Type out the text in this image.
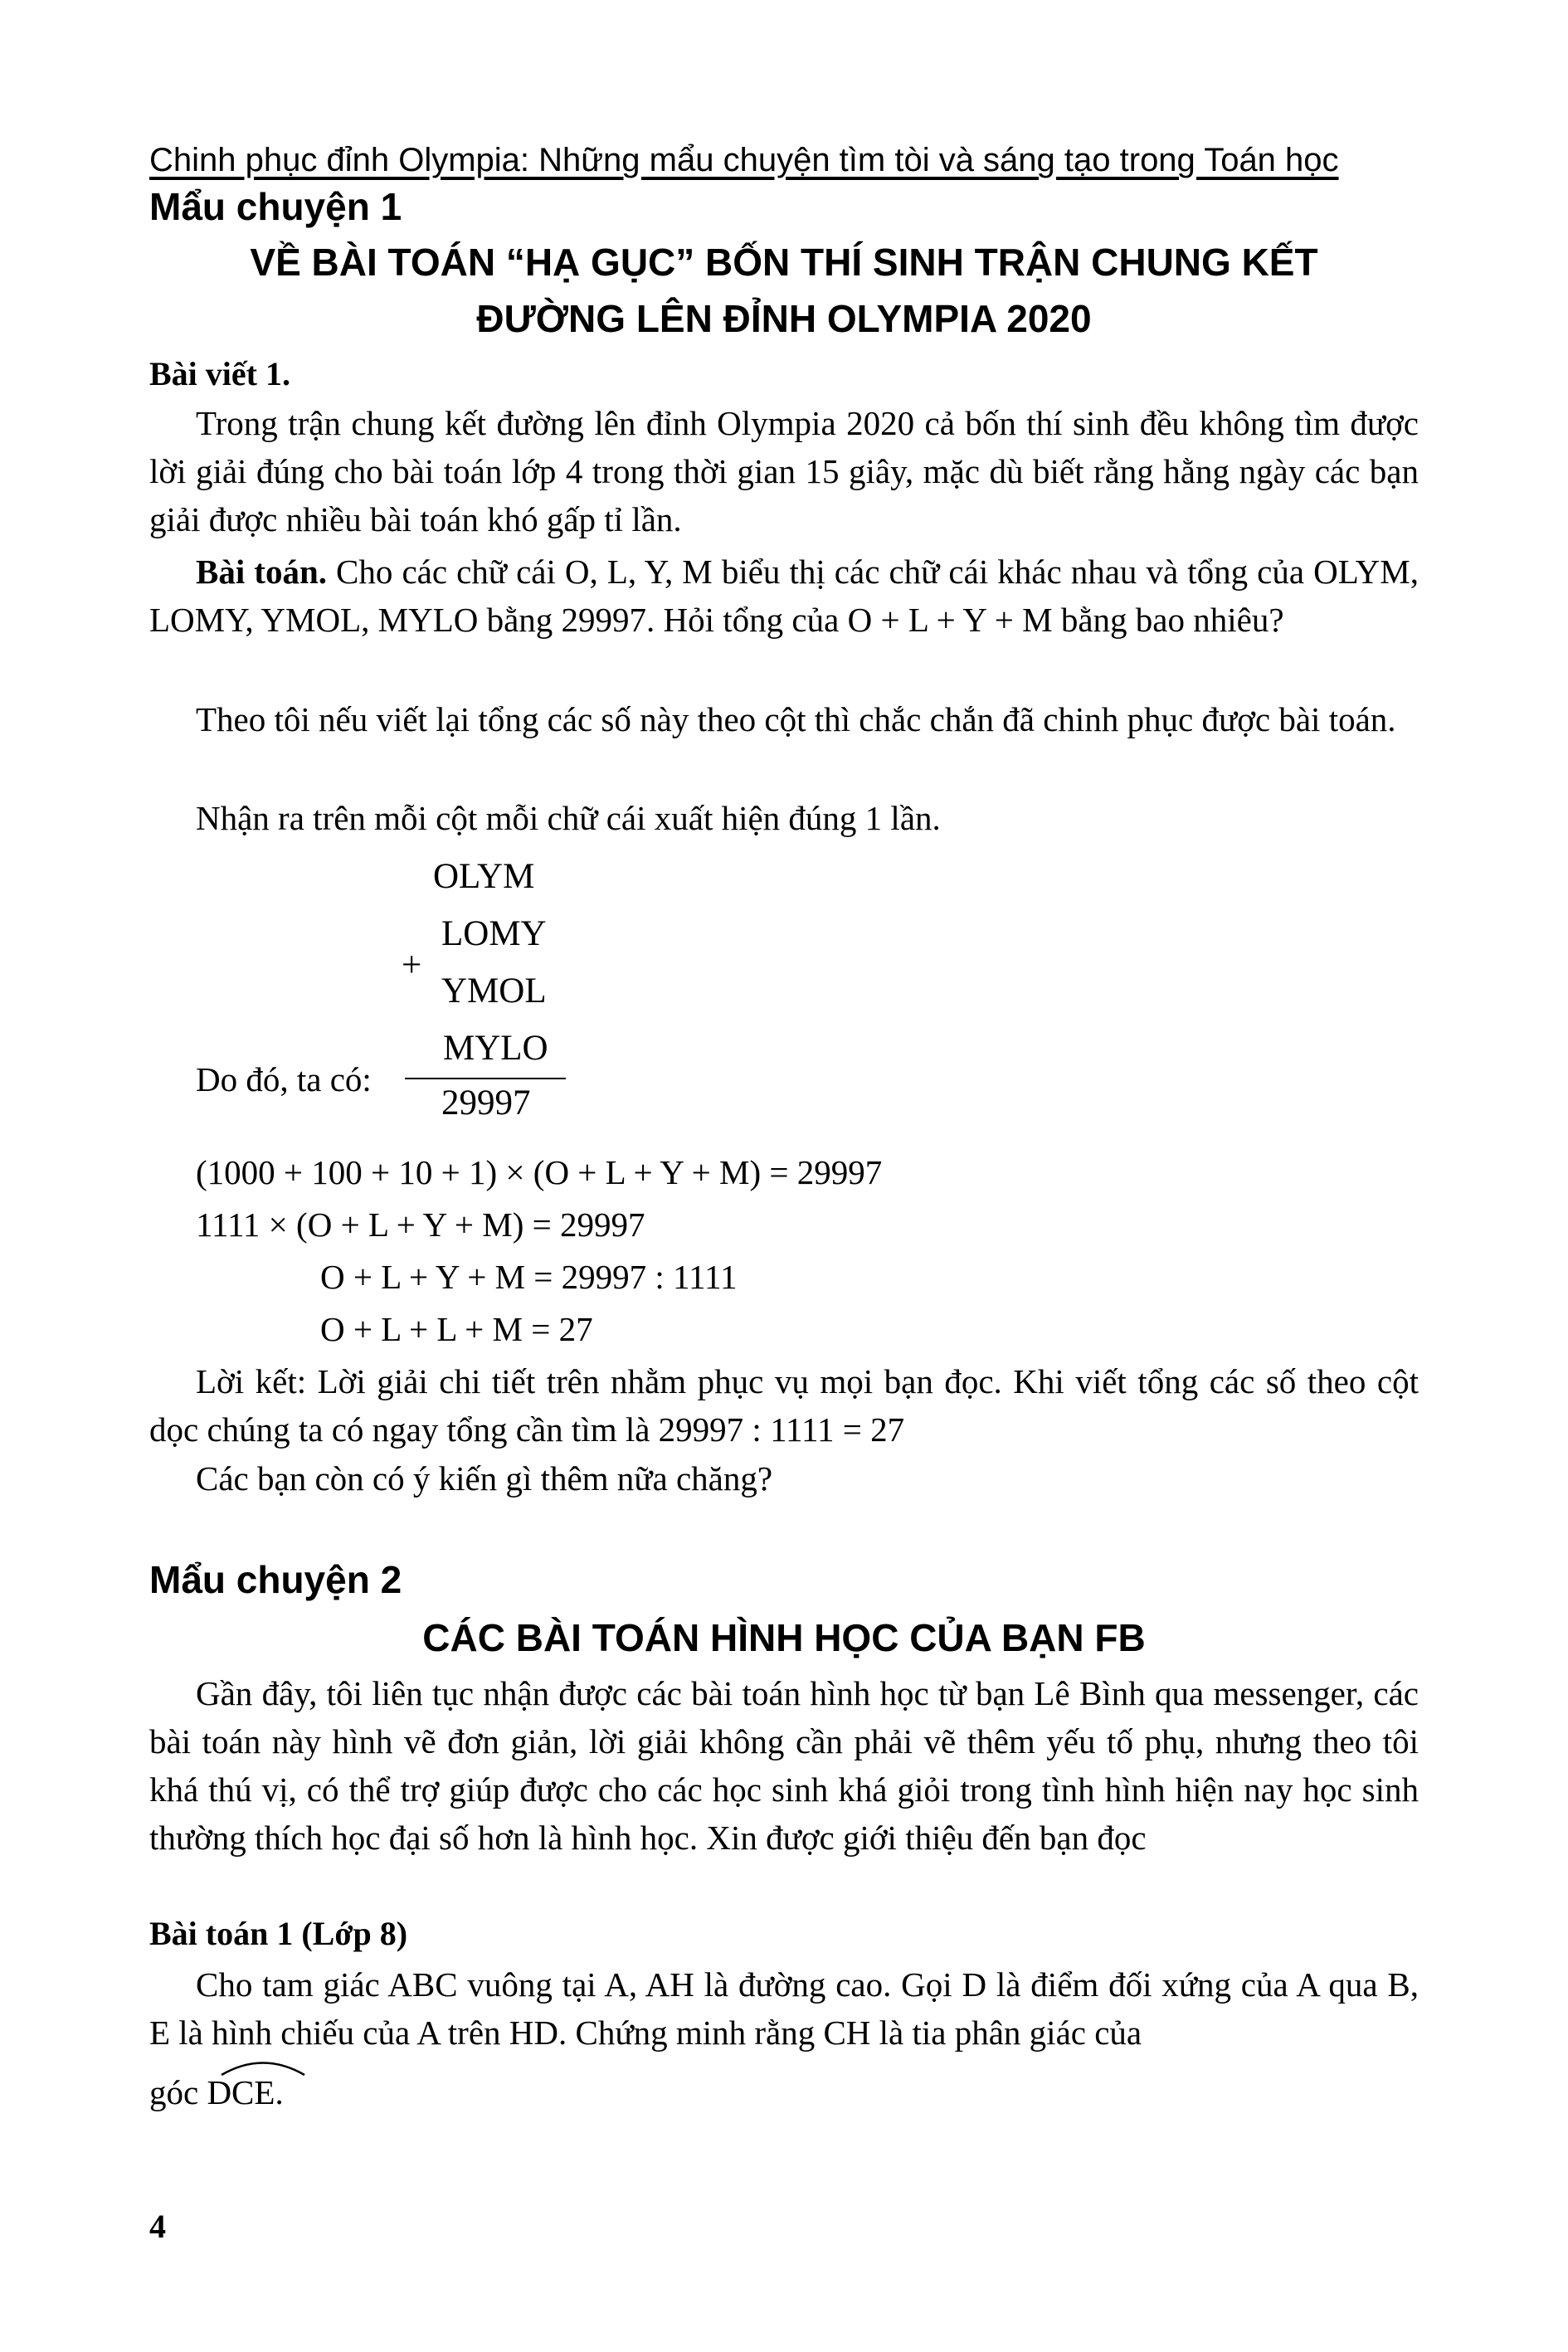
Chinh phục đỉnh Olympia: Những mẩu chuyện tìm tòi và sáng tạo trong Toán học
Mẩu chuyện 1
VỀ BÀI TOÁN “HẠ GỤC” BỐN THÍ SINH TRẬN CHUNG KẾT
ĐƯỜNG LÊN ĐỈNH OLYMPIA 2020
Bài viết 1.
Trong trận chung kết đường lên đỉnh Olympia 2020 cả bốn thí sinh đều không tìm được lời giải đúng cho bài toán lớp 4 trong thời gian 15 giây, mặc dù biết rằng hằng ngày các bạn giải được nhiều bài toán khó gấp tỉ lần.
Bài toán. Cho các chữ cái O, L, Y, M biểu thị các chữ cái khác nhau và tổng của OLYM, LOMY, YMOL, MYLO bằng 29997. Hỏi tổng của O + L + Y + M bằng bao nhiêu?
Theo tôi nếu viết lại tổng các số này theo cột thì chắc chắn đã chinh phục được bài toán.
Nhận ra trên mỗi cột mỗi chữ cái xuất hiện đúng 1 lần.
OLYM
LOMY
+
YMOL
MYLO
Do đó, ta có:
29997
(1000 + 100 + 10 + 1) × (O + L + Y + M) = 29997
1111 × (O + L + Y + M) = 29997
O + L + Y + M = 29997 : 1111
O + L + L + M = 27
Lời kết: Lời giải chi tiết trên nhằm phục vụ mọi bạn đọc. Khi viết tổng các số theo cột dọc chúng ta có ngay tổng cần tìm là 29997 : 1111 = 27
Các bạn còn có ý kiến gì thêm nữa chăng?
Mẩu chuyện 2
CÁC BÀI TOÁN HÌNH HỌC CỦA BẠN FB
Gần đây, tôi liên tục nhận được các bài toán hình học từ bạn Lê Bình qua messenger, các bài toán này hình vẽ đơn giản, lời giải không cần phải vẽ thêm yếu tố phụ, nhưng theo tôi khá thú vị, có thể trợ giúp được cho các học sinh khá giỏi trong tình hình hiện nay học sinh thường thích học đại số hơn là hình học. Xin được giới thiệu đến bạn đọc
Bài toán 1 (Lớp 8)
Cho tam giác ABC vuông tại A, AH là đường cao. Gọi D là điểm đối xứng của A qua B, E là hình chiếu của A trên HD. Chứng minh rằng CH là tia phân giác của
góc DCE.
4
